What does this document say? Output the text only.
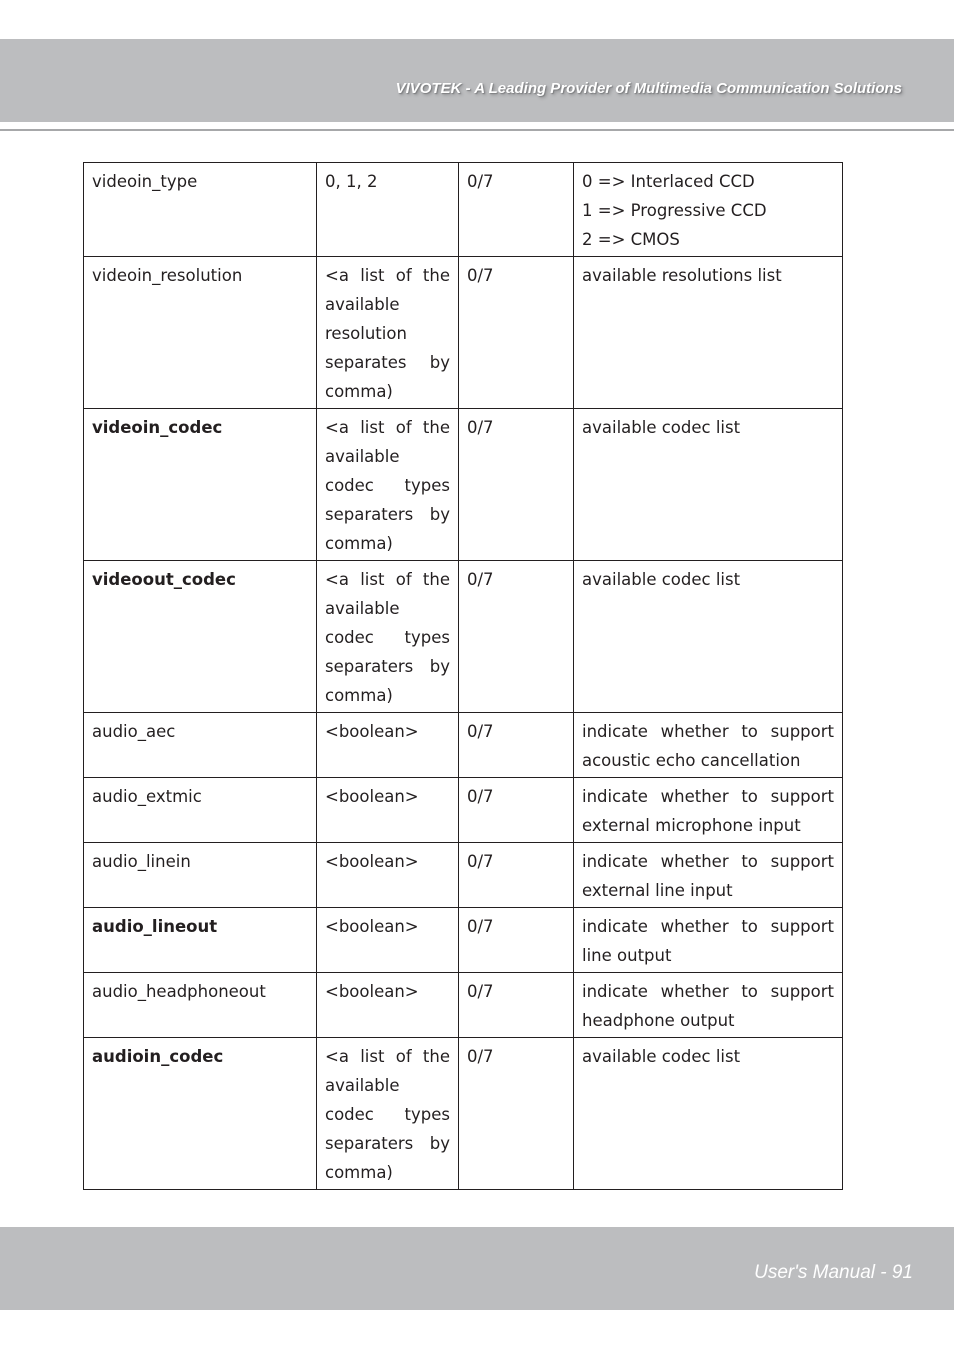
VIVOTEK - A Leading Provider of Multimedia Communication Solutions
videoin_type	0, 1, 2	0/7	0 => Interlaced CCD
1 => Progressive CCD
2 => CMOS

videoin_resolution	<a list of the available resolution separates by comma)	0/7	available resolutions list

videoin_codec	<a list of the available codec types separaters by comma)	0/7	available codec list

videoout_codec	<a list of the available codec types separaters by comma)	0/7	available codec list

audio_aec	<boolean>	0/7	indicate whether to support acoustic echo cancellation

audio_extmic	<boolean>	0/7	indicate whether to support external microphone input

audio_linein	<boolean>	0/7	indicate whether to support external line input

audio_lineout	<boolean>	0/7	indicate whether to support line output

audio_headphoneout	<boolean>	0/7	indicate whether to support headphone output

audioin_codec	<a list of the available codec types separaters by comma)	0/7	available codec list
User's Manual - 91
